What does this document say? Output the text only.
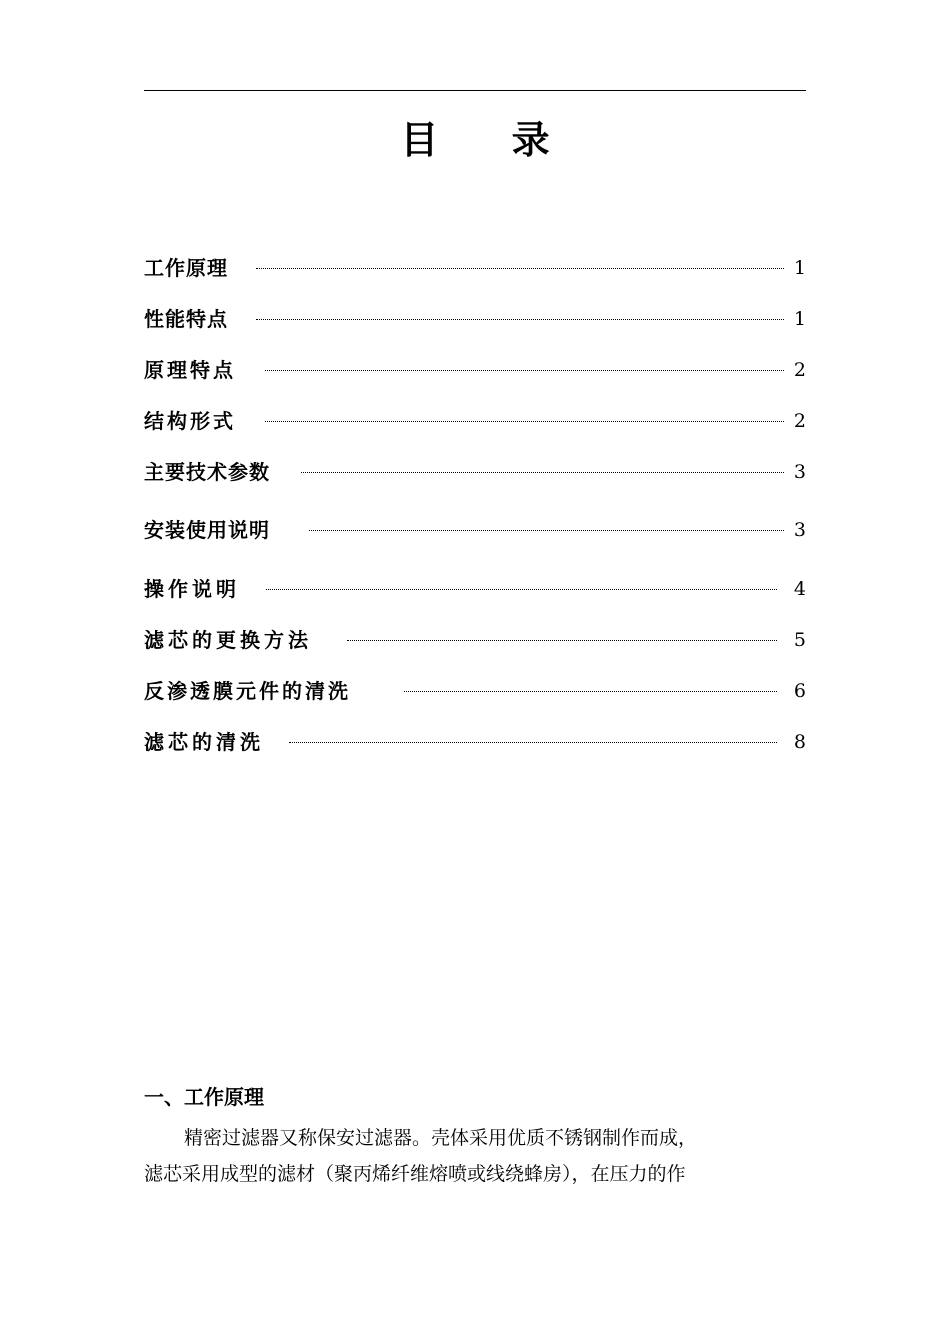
目 录
工作原理	1
性能特点	1
原理特点	2
结构形式	2
主要技术参数	3
安装使用说明	3
操作说明	4
滤芯的更换方法	5
反渗透膜元件的清洗	6
滤芯的清洗	8
一、工作原理
精密过滤器又称保安过滤器。壳体采用优质不锈钢制作而成，
滤芯采用成型的滤材（聚丙烯纤维熔喷或线绕蜂房），在压力的作
